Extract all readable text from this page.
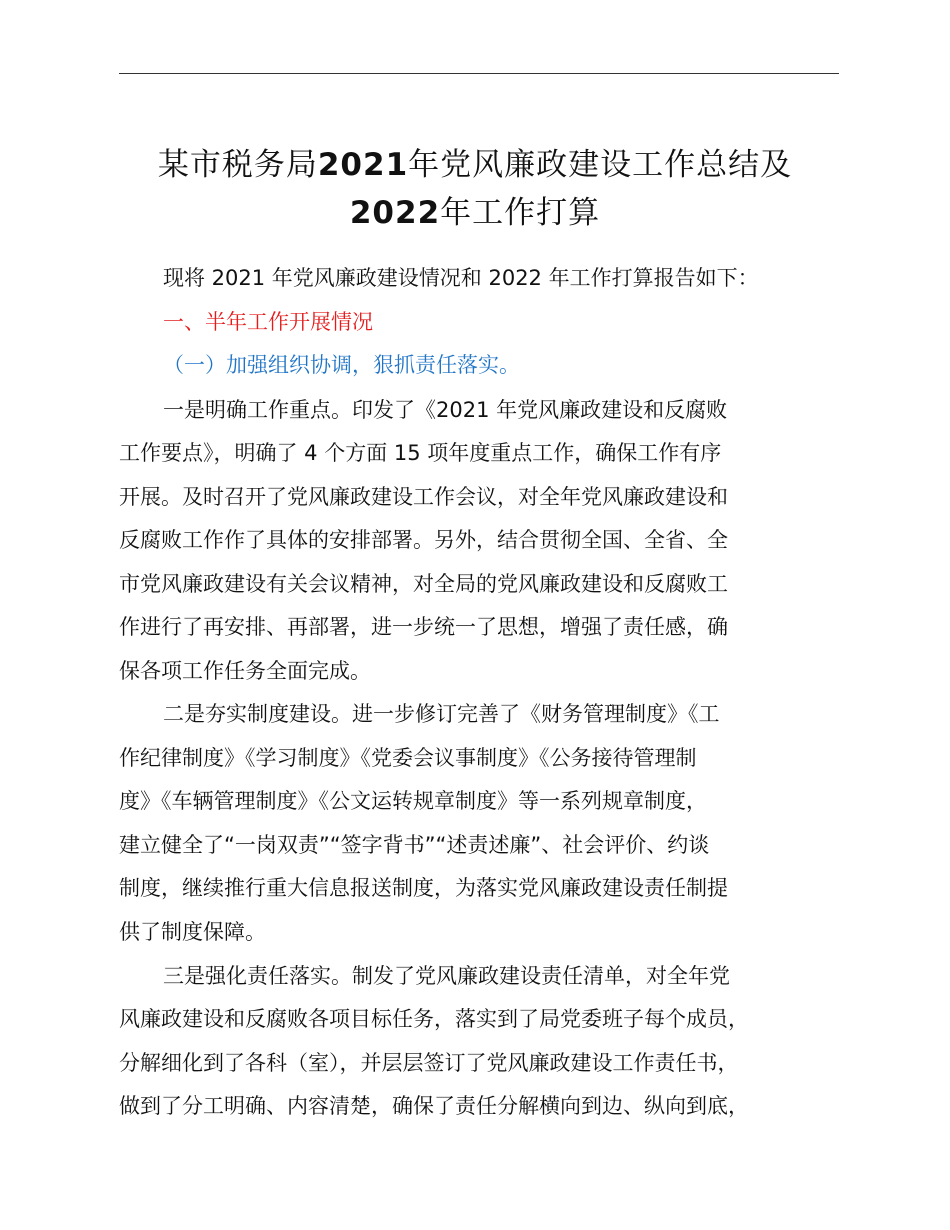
某市税务局2021年党风廉政建设工作总结及
2022年工作打算
现将 2021 年党风廉政建设情况和 2022 年工作打算报告如下：
一、半年工作开展情况
（一）加强组织协调，狠抓责任落实。
一是明确工作重点。印发了《2021 年党风廉政建设和反腐败
工作要点》，明确了 4 个方面 15 项年度重点工作，确保工作有序
开展。及时召开了党风廉政建设工作会议，对全年党风廉政建设和
反腐败工作作了具体的安排部署。另外，结合贯彻全国、全省、全
市党风廉政建设有关会议精神，对全局的党风廉政建设和反腐败工
作进行了再安排、再部署，进一步统一了思想，增强了责任感，确
保各项工作任务全面完成。
二是夯实制度建设。进一步修订完善了《财务管理制度》《工
作纪律制度》《学习制度》《党委会议事制度》《公务接待管理制
度》《车辆管理制度》《公文运转规章制度》等一系列规章制度，
建立健全了“一岗双责”“签字背书”“述责述廉”、社会评价、约谈
制度，继续推行重大信息报送制度，为落实党风廉政建设责任制提
供了制度保障。
三是强化责任落实。制发了党风廉政建设责任清单，对全年党
风廉政建设和反腐败各项目标任务，落实到了局党委班子每个成员，
分解细化到了各科（室），并层层签订了党风廉政建设工作责任书，
做到了分工明确、内容清楚，确保了责任分解横向到边、纵向到底，
